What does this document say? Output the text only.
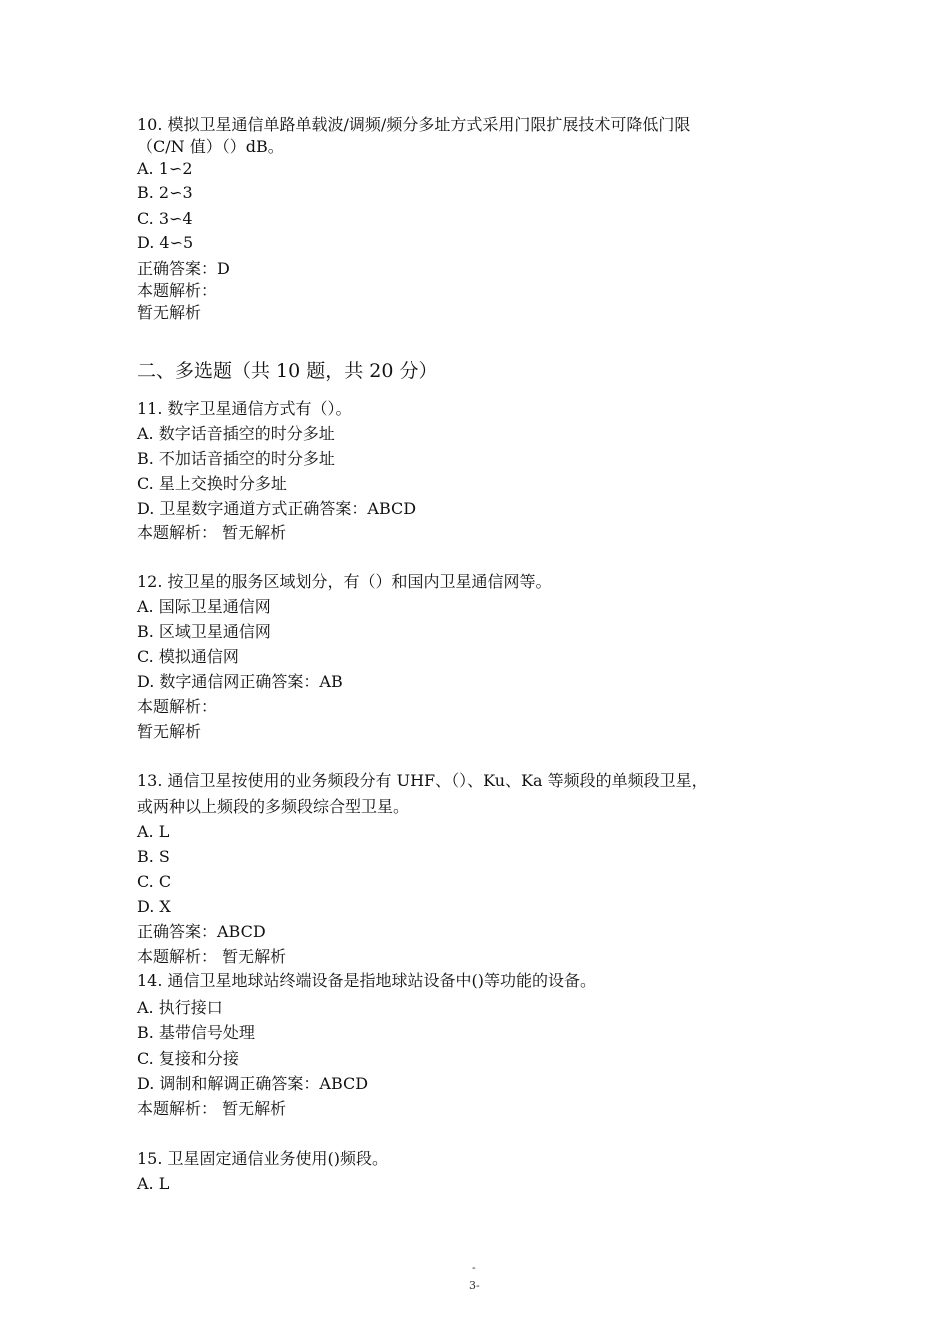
10. 模拟卫星通信单路单载波/调频/频分多址方式采用门限扩展技术可降低门限
（C/N 值）（）dB。
A. 1∽2
B. 2∽3
C. 3∽4
D. 4∽5
正确答案：D
本题解析：
暂无解析
二、多选题（共 10 题，共 20 分）
11. 数字卫星通信方式有（）。
A. 数字话音插空的时分多址
B. 不加话音插空的时分多址
C. 星上交换时分多址
D. 卫星数字通道方式正确答案：ABCD
本题解析： 暂无解析
12. 按卫星的服务区域划分，有（）和国内卫星通信网等。
A. 国际卫星通信网
B. 区域卫星通信网
C. 模拟通信网
D. 数字通信网正确答案：AB
本题解析：
暂无解析
13. 通信卫星按使用的业务频段分有 UHF、（）、Ku、Ka 等频段的单频段卫星，
或两种以上频段的多频段综合型卫星。
A. L
B. S
C. C
D. X
正确答案：ABCD
本题解析： 暂无解析
14. 通信卫星地球站终端设备是指地球站设备中()等功能的设备。
A. 执行接口
B. 基带信号处理
C. 复接和分接
D. 调制和解调正确答案：ABCD
本题解析： 暂无解析
15. 卫星固定通信业务使用()频段。
A. L
-
3-
